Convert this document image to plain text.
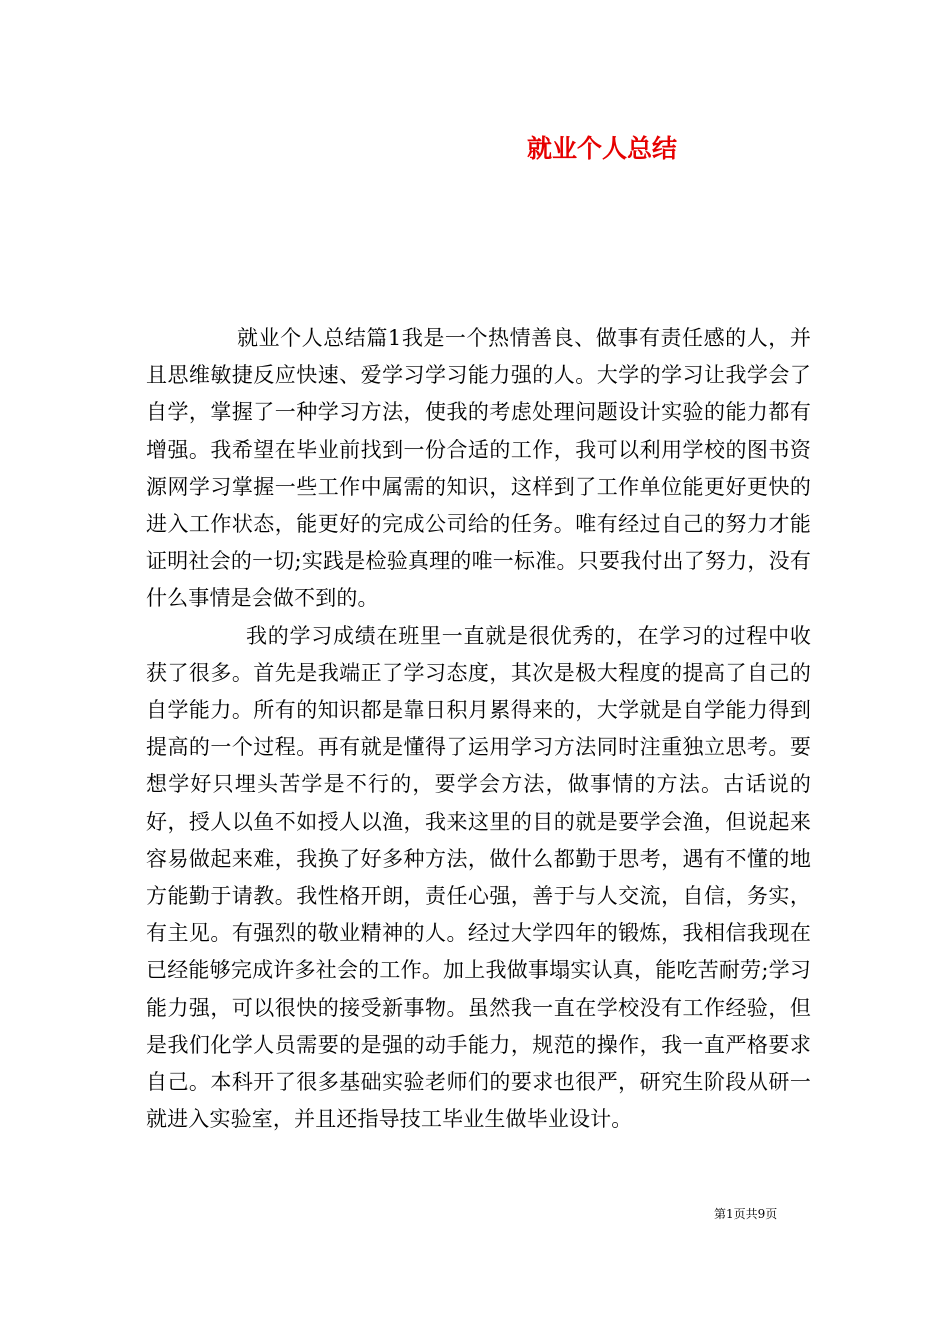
就业个人总结

就业个人总结篇1我是一个热情善良、做事有责任感的人，并且思维敏捷反应快速、爱学习学习能力强的人。大学的学习让我学会了自学，掌握了一种学习方法，使我的考虑处理问题设计实验的能力都有增强。我希望在毕业前找到一份合适的工作，我可以利用学校的图书资源网学习掌握一些工作中属需的知识，这样到了工作单位能更好更快的进入工作状态，能更好的完成公司给的任务。唯有经过自己的努力才能证明社会的一切;实践是检验真理的唯一标准。只要我付出了努力，没有什么事情是会做不到的。

我的学习成绩在班里一直就是很优秀的，在学习的过程中收获了很多。首先是我端正了学习态度，其次是极大程度的提高了自己的自学能力。所有的知识都是靠日积月累得来的，大学就是自学能力得到提高的一个过程。再有就是懂得了运用学习方法同时注重独立思考。要想学好只埋头苦学是不行的，要学会方法，做事情的方法。古话说的好，授人以鱼不如授人以渔，我来这里的目的就是要学会渔，但说起来容易做起来难，我换了好多种方法，做什么都勤于思考，遇有不懂的地方能勤于请教。我性格开朗，责任心强，善于与人交流，自信，务实，有主见。有强烈的敬业精神的人。经过大学四年的锻炼，我相信我现在已经能够完成许多社会的工作。加上我做事塌实认真，能吃苦耐劳;学习能力强，可以很快的接受新事物。虽然我一直在学校没有工作经验，但是我们化学人员需要的是强的动手能力，规范的操作，我一直严格要求自己。本科开了很多基础实验老师们的要求也很严，研究生阶段从研一就进入实验室，并且还指导技工毕业生做毕业设计。

第1页共9页
